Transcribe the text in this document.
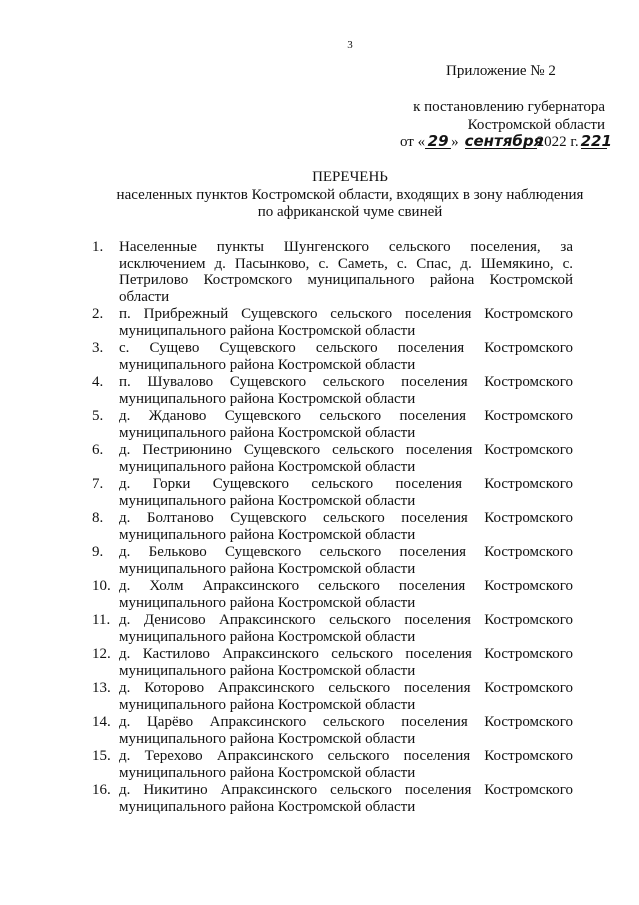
3
Приложение № 2
к постановлению губернатора
Костромской области
от « 29 » сентября2022 г. 221
ПЕРЕЧЕНЬ
населенных пунктов Костромской области, входящих в зону наблюдения
по африканской чуме свиней
1.	Населенные пункты Шунгенского сельского поселения, за исключением д. Пасынково, с. Саметь, с. Спас, д. Шемякино, с. Петрилово Костромского муниципального района Костромской области
2.	п. Прибрежный Сущевского сельского поселения Костромского муниципального района Костромской области
3.	с. Сущево Сущевского сельского поселения Костромского муниципального района Костромской области
4.	п. Шувалово Сущевского сельского поселения Костромского муниципального района Костромской области
5.	д. Жданово Сущевского сельского поселения Костромского муниципального района Костромской области
6.	д. Пестриюнино Сущевского сельского поселения Костромского муниципального района Костромской области
7.	д. Горки Сущевского сельского поселения Костромского муниципального района Костромской области
8.	д. Болтаново Сущевского сельского поселения Костромского муниципального района Костромской области
9.	д. Бельково Сущевского сельского поселения Костромского муниципального района Костромской области
10. д. Холм Апраксинского сельского поселения Костромского муниципального района Костромской области
11. д. Денисово Апраксинского сельского поселения Костромского муниципального района Костромской области
12. д. Кастилово Апраксинского сельского поселения Костромского муниципального района Костромской области
13. д. Которово Апраксинского сельского поселения Костромского муниципального района Костромской области
14. д. Царёво Апраксинского сельского поселения Костромского муниципального района Костромской области
15. д. Терехово Апраксинского сельского поселения Костромского муниципального района Костромской области
16. д. Никитино Апраксинского сельского поселения Костромского муниципального района Костромской области
